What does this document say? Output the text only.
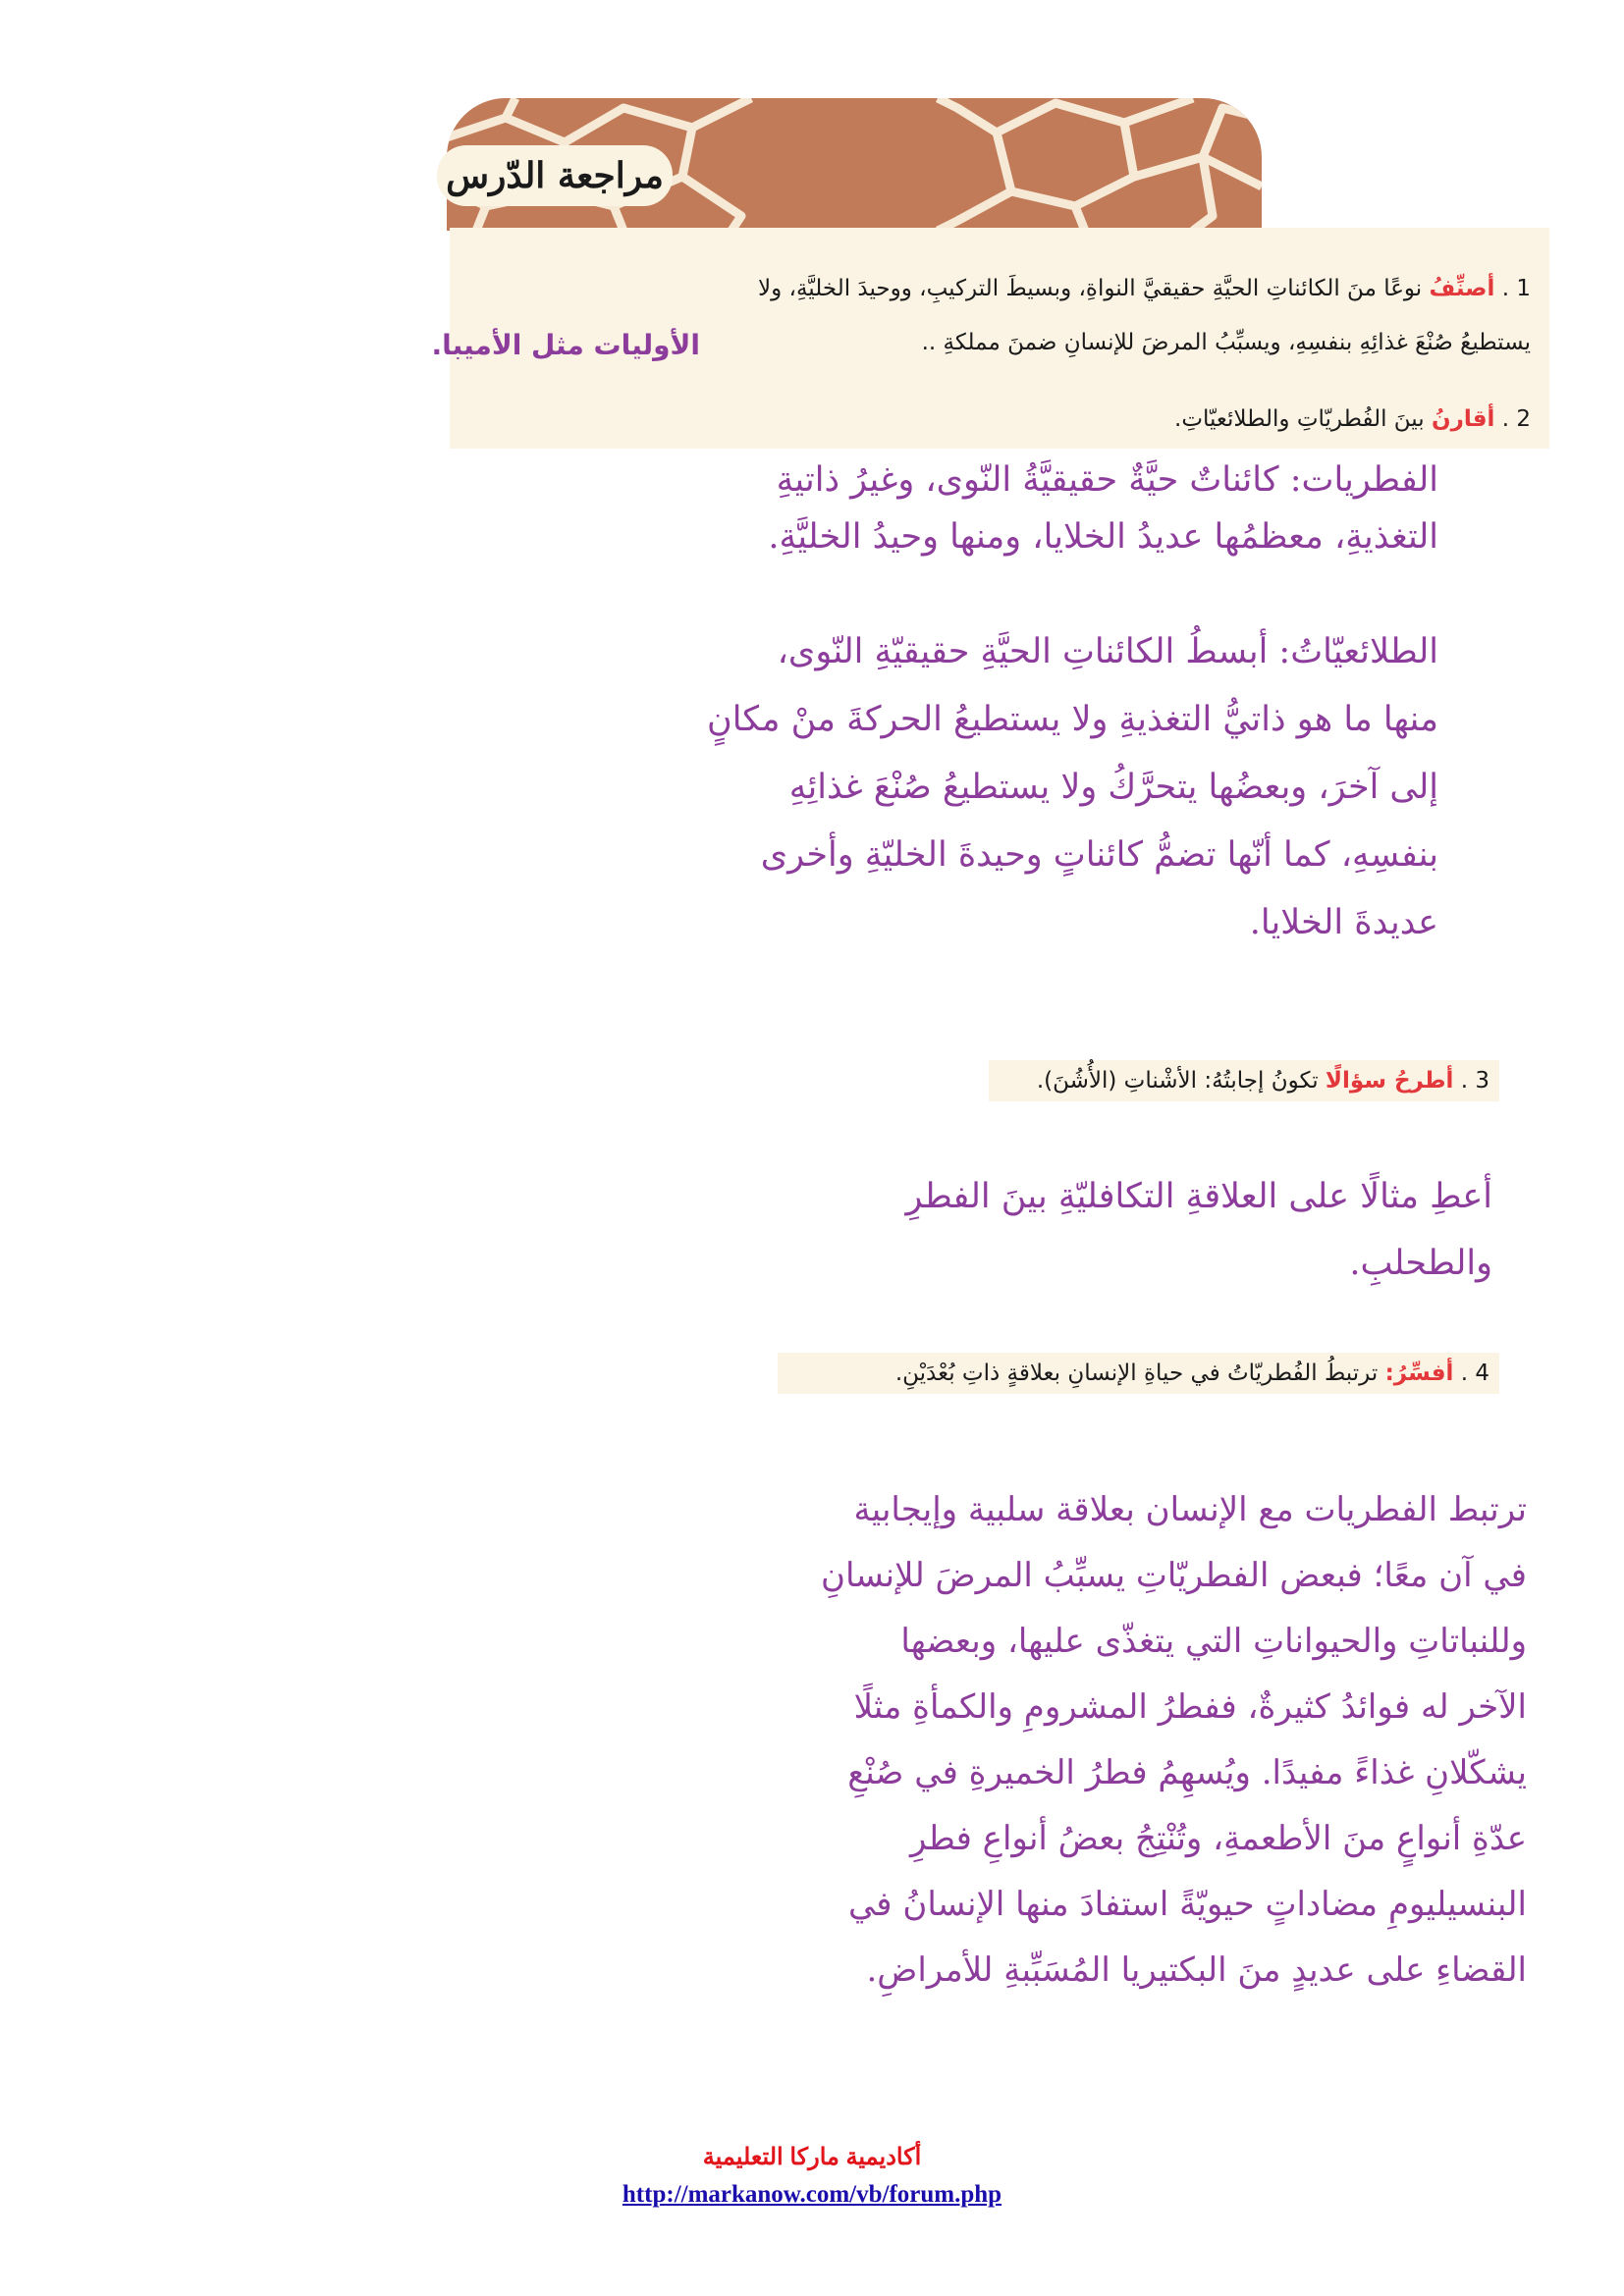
مراجعة الدّرس
1 . أصنِّفُ نوعًا منَ الكائناتِ الحيَّةِ حقيقيَّ النواةِ، وبسيطَ التركيبِ، ووحيدَ الخليَّةِ، ولا
يستطيعُ صُنْعَ غذائِهِ بنفسِهِ، ويسبِّبُ المرضَ للإنسانِ ضمنَ مملكةِ ..
الأوليات مثل الأميبا.
2 . أقارنُ بينَ الفُطريّاتِ والطلائعيّاتِ.
الفطريات: كائناتٌ حيَّةٌ حقيقيَّةُ النّوى، وغيرُ ذاتيةِ
التغذيةِ، معظمُها عديدُ الخلايا، ومنها وحيدُ الخليَّةِ.
الطلائعيّاتُ: أبسطُ الكائناتِ الحيَّةِ حقيقيّةِ النّوى،
منها ما هو ذاتيُّ التغذيةِ ولا يستطيعُ الحركةَ منْ مكانٍ
إلى آخرَ، وبعضُها يتحرَّكُ ولا يستطيعُ صُنْعَ غذائِهِ
بنفسِهِ، كما أنّها تضمُّ كائناتٍ وحيدةَ الخليّةِ وأخرى
عديدةَ الخلايا.
3 . أطرحُ سؤالًا تكونُ إجابتُهُ: الأشْناتِ (الأُشُنَ).
أعطِ مثالًا على العلاقةِ التكافليّةِ بينَ الفطرِ
والطحلبِ.
4 . أفسِّرُ: ترتبطُ الفُطريّاتُ في حياةِ الإنسانِ بعلاقةٍ ذاتِ بُعْدَيْنِ.
ترتبط الفطريات مع الإنسان بعلاقة سلبية وإيجابية
في آن معًا؛ فبعض الفطريّاتِ يسبِّبُ المرضَ للإنسانِ
وللنباتاتِ والحيواناتِ التي يتغذّى عليها، وبعضها
الآخر له فوائدُ كثيرةٌ، ففطرُ المشرومِ والكمأةِ مثلًا
يشكّلانِ غذاءً مفيدًا. ويُسهِمُ فطرُ الخميرةِ في صُنْعِ
عدّةِ أنواعٍ منَ الأطعمةِ، وتُنْتِجُ بعضُ أنواعِ فطرِ
البنسيليومِ مضاداتٍ حيويّةً استفادَ منها الإنسانُ في
القضاءِ على عديدٍ منَ البكتيريا المُسَبِّبةِ للأمراضِ.
أكاديمية ماركا التعليمية
http://markanow.com/vb/forum.php
